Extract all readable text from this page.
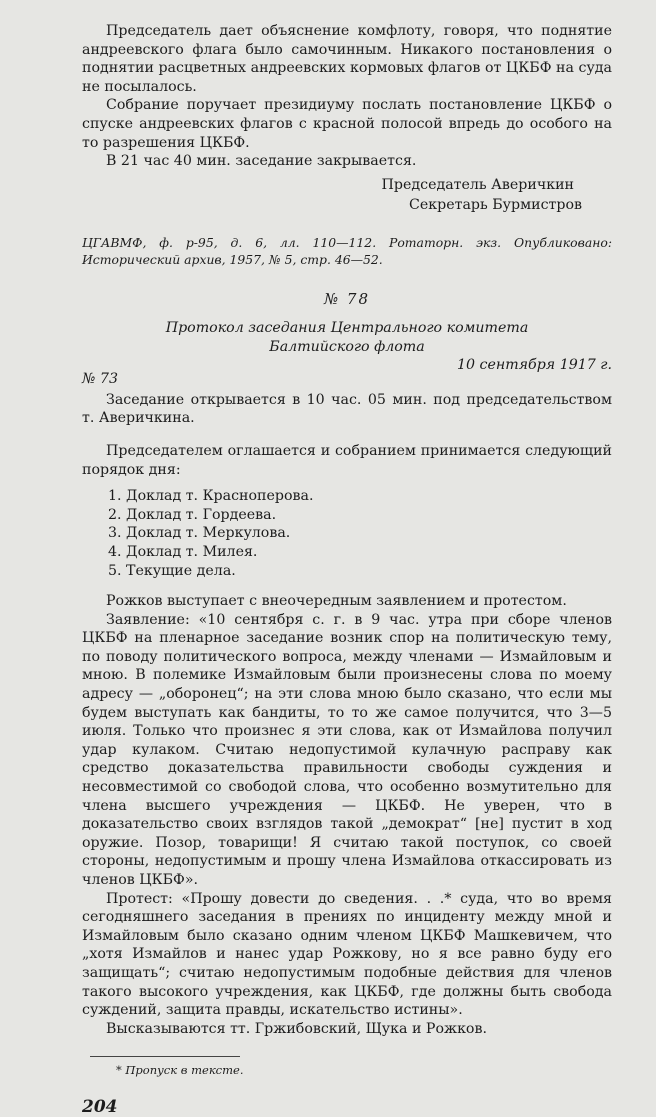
Председатель дает объяснение комфлоту, говоря, что поднятие андреевского флага было самочинным. Никакого постановления о поднятии расцветных андреевских кормовых флагов от ЦКБФ на суда не посылалось.

Собрание поручает президиуму послать постановление ЦКБФ о спуске андреевских флагов с красной полосой впредь до особого на то разрешения ЦКБФ.

В 21 час 40 мин. заседание закрывается.

Председатель Аверичкин
Секретарь Бурмистров

ЦГАВМФ, ф. р-95, д. 6, лл. 110—112. Ротаторн. экз. Опубликовано: Исторический архив, 1957, № 5, стр. 46—52.

№ 78
Протокол заседания Центрального комитета
Балтийского флота
№ 73
10 сентября 1917 г.

Заседание открывается в 10 час. 05 мин. под председательством т. Аверичкина.

Председателем оглашается и собранием принимается следующий порядок дня:

1. Доклад т. Красноперова.
2. Доклад т. Гордеева.
3. Доклад т. Меркулова.
4. Доклад т. Милея.
5. Текущие дела.

Рожков выступает с внеочередным заявлением и протестом.

Заявление: «10 сентября с. г. в 9 час. утра при сборе членов ЦКБФ на пленарное заседание возник спор на политическую тему, по поводу политического вопроса, между членами — Измайловым и мною. В полемике Измайловым были произнесены слова по моему адресу — „оборонец“; на эти слова мною было сказано, что если мы будем выступать как бандиты, то то же самое получится, что 3—5 июля. Только что произнес я эти слова, как от Измайлова получил удар кулаком. Считаю недопустимой кулачную расправу как средство доказательства правильности свободы суждения и несовместимой со свободой слова, что особенно возмутительно для члена высшего учреждения — ЦКБФ. Не уверен, что в доказательство своих взглядов такой „демократ“ [не] пустит в ход оружие. Позор, товарищи! Я считаю такой поступок, со своей стороны, недопустимым и прошу члена Измайлова откассировать из членов ЦКБФ».

Протест: «Прошу довести до сведения. . .* суда, что во время сегодняшнего заседания в прениях по инциденту между мной и Измайловым было сказано одним членом ЦКБФ Машкевичем, что „хотя Измайлов и нанес удар Рожкову, но я все равно буду его защищать“; считаю недопустимым подобные действия для членов такого высокого учреждения, как ЦКБФ, где должны быть свобода суждений, защита правды, искательство истины».

Высказываются тт. Гржибовский, Щука и Рожков.

* Пропуск в тексте.
204
